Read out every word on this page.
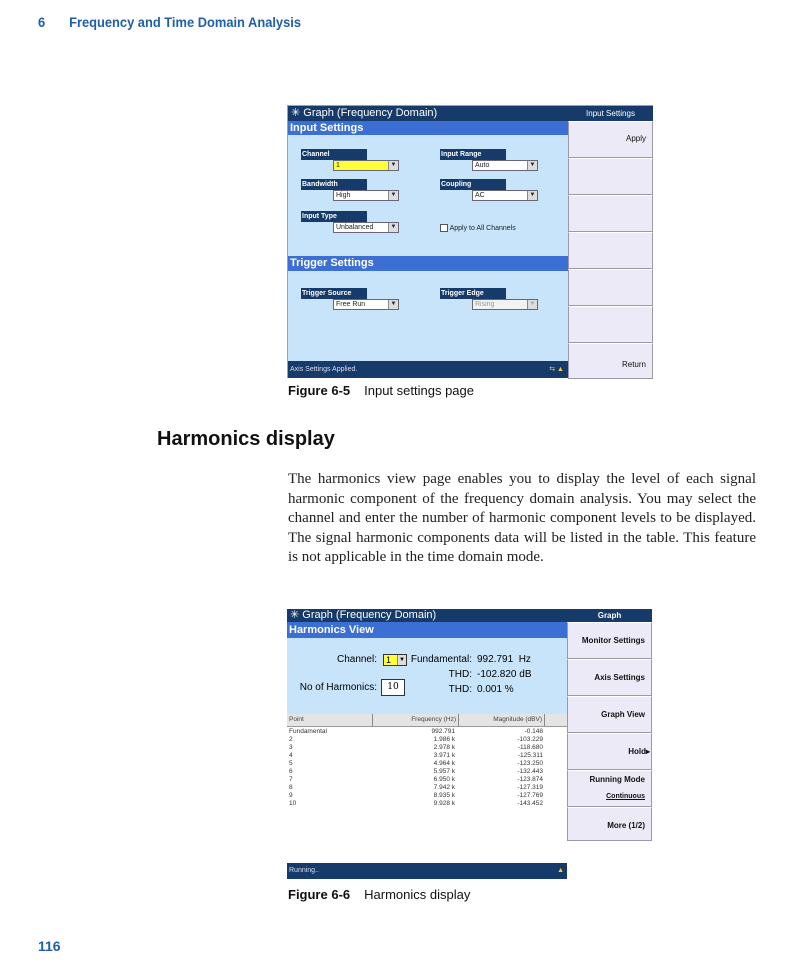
6 Frequency and Time Domain Analysis
✳ Graph (Frequency Domain)
Input Settings
Channel
1	▼
Input Range
Auto	▼
Bandwidth
High	▼
Coupling
AC	▼
Input Type
Unbalanced	▼	Apply to All Channels
Trigger Settings
Trigger Source
Free Run	▼
Trigger Edge
Rising	▼
Axis Settings Applied.	⇆ ▲
Input Settings
Apply
Return
Figure 6-5 Input settings page
Harmonics display
The harmonics view page enables you to display the level of each signal harmonic component of the frequency domain analysis. You may select the channel and enter the number of harmonic component levels to be displayed. The signal harmonic components data will be listed in the table. This feature is not applicable in the time domain mode.
✳ Graph (Frequency Domain)
Harmonics View
Channel:	1	▼
No of Harmonics:	10
Fundamental: 992.791  Hz
THD: -102.820 dB
THD: 0.001 %
Point	Frequency (Hz)	Magnitude (dBV)
Fundamental	992.791	-0.148
2	1.986 k	-103.229
3	2.978 k	-118.680
4	3.971 k	-125.311
5	4.964 k	-123.250
6	5.957 k	-132.443
7	6.950 k	-123.874
8	7.942 k	-127.319
9	8.935 k	-127.769
10	9.928 k	-143.452
Running..	▲
Graph
Monitor Settings
Axis Settings
Graph View
Hold▸
Running Mode
Continuous
More (1/2)
Figure 6-6 Harmonics display
116
